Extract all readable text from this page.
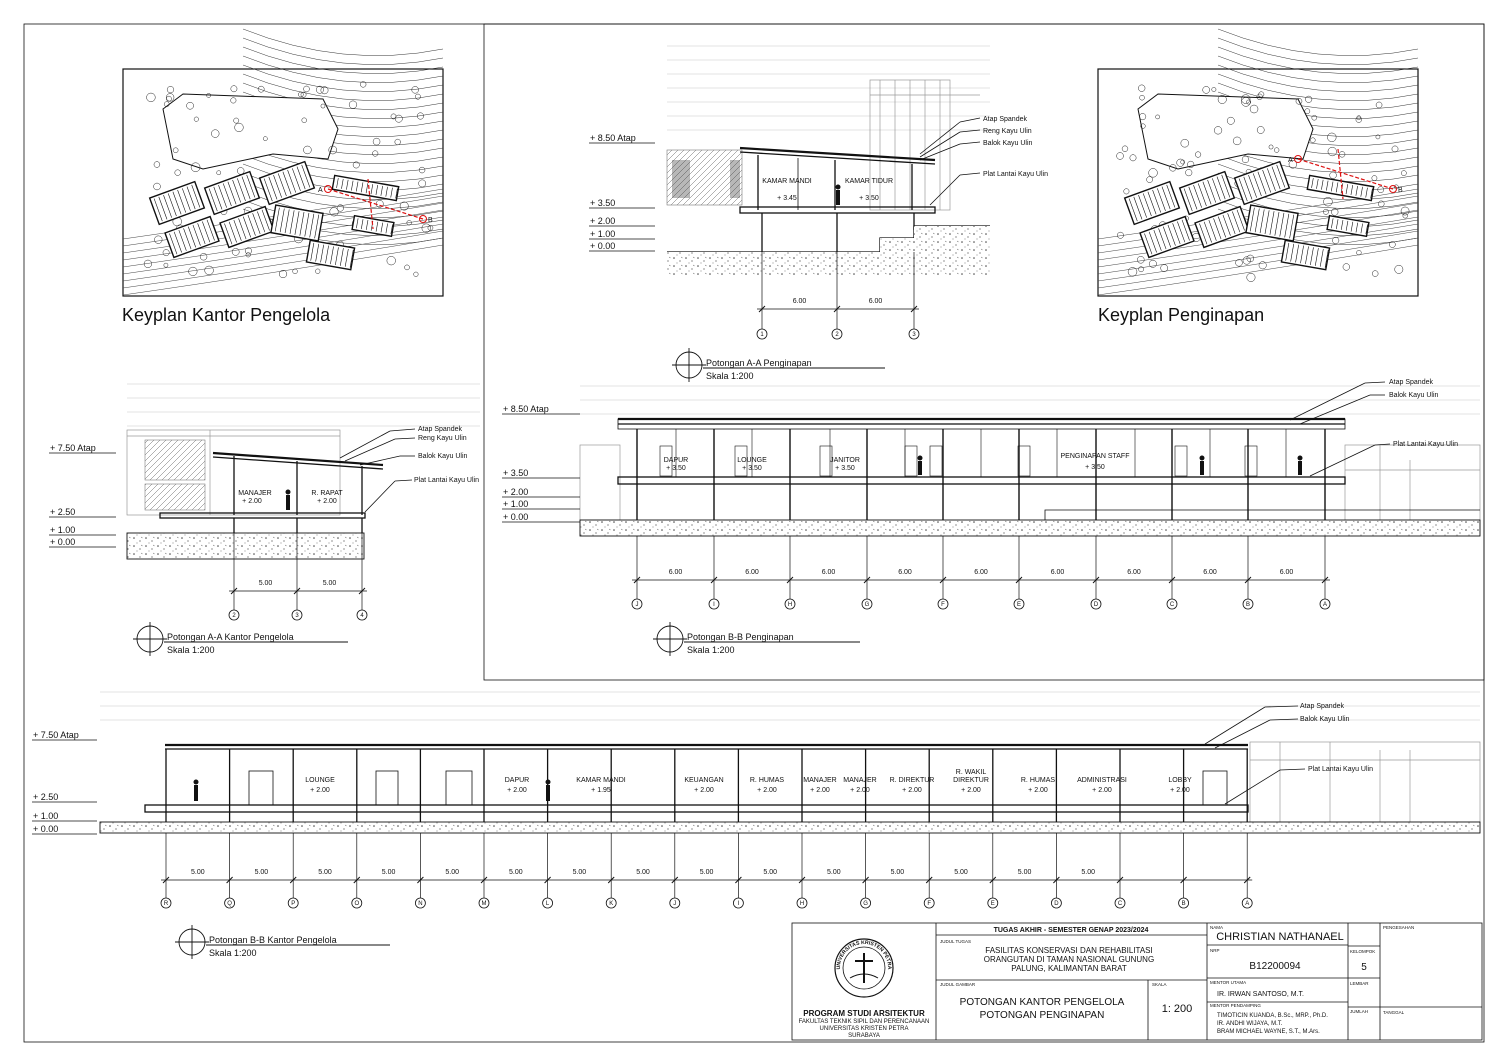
A
B
A
B
Keyplan Kantor Pengelola	Keyplan Penginapan
KAMAR MANDI
+ 3.45
KAMAR TIDUR
+ 3.50
+ 8.50 Atap
+ 3.50
+ 2.00
+ 1.00
+ 0.00
Atap Spandek
Reng Kayu Ulin
Balok Kayu Ulin
Plat Lantai Kayu Ulin
1	2	3
6.00	6.00
Potongan A-A Penginapan
Skala 1:200
MANAJER
+ 2.00
R. RAPAT
+ 2.00
+ 7.50 Atap
+ 2.50
+ 1.00
+ 0.00
Atap Spandek
Reng Kayu Ulin
Balok Kayu Ulin
Plat Lantai Kayu Ulin
2	3	4
5.00	5.00
Potongan A-A Kantor Pengelola
Skala 1:200
DAPUR
+ 3.50
LOUNGE
+ 3.50
JANITOR
+ 3.50
PENGINAPAN STAFF
+ 3.50
+ 8.50 Atap
+ 3.50
+ 2.00
+ 1.00
+ 0.00
Atap Spandek
Balok Kayu Ulin
Plat Lantai Kayu Ulin
J	I	H	G	F	E	D	C	B	A
6.00	6.00	6.00	6.00	6.00	6.00	6.00	6.00	6.00
Potongan B-B Penginapan
Skala 1:200
LOUNGE
+ 2.00
DAPUR
+ 2.00
KAMAR MANDI
+ 1.95
KEUANGAN
+ 2.00
R. HUMAS
+ 2.00
MANAJER
+ 2.00
MANAJER
+ 2.00
R. DIREKTUR
+ 2.00
R. WAKIL DIREKTUR
+ 2.00
R. HUMAS
+ 2.00
ADMINISTRASI
+ 2.00
LOBBY
+ 2.00
+ 7.50 Atap
+ 2.50
+ 1.00
+ 0.00
Atap Spandek
Balok Kayu Ulin
Plat Lantai Kayu Ulin
R	Q	P	O	N	M	L	K	J	I	H	G	F	E	D	C	B	A
5.00	5.00	5.00	5.00	5.00	5.00	5.00	5.00	5.00	5.00	5.00	5.00	5.00	5.00	5.00
Potongan B-B Kantor Pengelola
Skala 1:200
UNIVERSITAS KRISTEN PETRA
PROGRAM STUDI ARSITEKTUR
FAKULTAS TEKNIK SIPIL DAN PERENCANAAN
UNIVERSITAS KRISTEN PETRA
SURABAYA
TUGAS AKHIR - SEMESTER GENAP 2023/2024
JUDUL TUGAS
FASILITAS KONSERVASI DAN REHABILITASI
ORANGUTAN DI TAMAN NASIONAL GUNUNG
PALUNG, KALIMANTAN BARAT
JUDUL GAMBAR
POTONGAN KANTOR PENGELOLA
POTONGAN PENGINAPAN
SKALA
1: 200
NAMA
CHRISTIAN NATHANAEL
NRP
B12200094
KELOMPOK
5
MENTOR UTAMA
IR. IRWAN SANTOSO, M.T.
MENTOR PENDAMPING
TIMOTICIN KUANDA, B.Sc., MRP., Ph.D.
IR. ANDHI WIJAYA, M.T.
BRAM MICHAEL WAYNE, S.T., M.Ars.
LEMBAR
JUMLAH
PENGESAHAN
TANGGAL
